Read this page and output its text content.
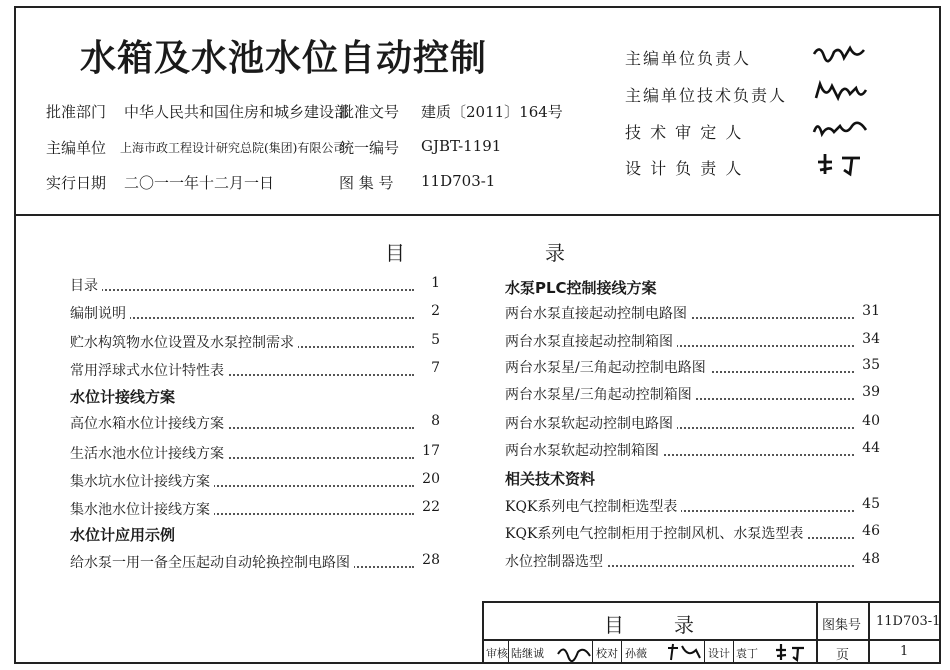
水箱及水池水位自动控制
批准部门 中华人民共和国住房和城乡建设部
批准文号 建质〔2011〕164号
主编单位 上海市政工程设计研究总院(集团)有限公司
统一编号 GJBT-1191
实行日期 二〇一一年十二月一日	图 集 号 11D703-1
主编单位负责人
主编单位技术负责人
技 术 审 定 人
设 计 负 责 人
目	录
目	录	图集号 11D703-1
页	1
审核 陆继诚	校对 孙薇	设计 袁丁
目录	1
编制说明	2
贮水构筑物水位设置及水泵控制需求	5
常用浮球式水位计特性表	7
水位计接线方案
高位水箱水位计接线方案	8
生活水池水位计接线方案	17
集水坑水位计接线方案	20
集水池水位计接线方案	22
水位计应用示例
给水泵一用一备全压起动自动轮换控制电路图	28
水泵PLC控制接线方案
两台水泵直接起动控制电路图	31
两台水泵直接起动控制箱图	34
两台水泵星/三角起动控制电路图	35
两台水泵星/三角起动控制箱图	39
两台水泵软起动控制电路图	40
两台水泵软起动控制箱图	44
相关技术资料
KQK系列电气控制柜选型表	45
KQK系列电气控制柜用于控制风机、水泵选型表	46
水位控制器选型	48
